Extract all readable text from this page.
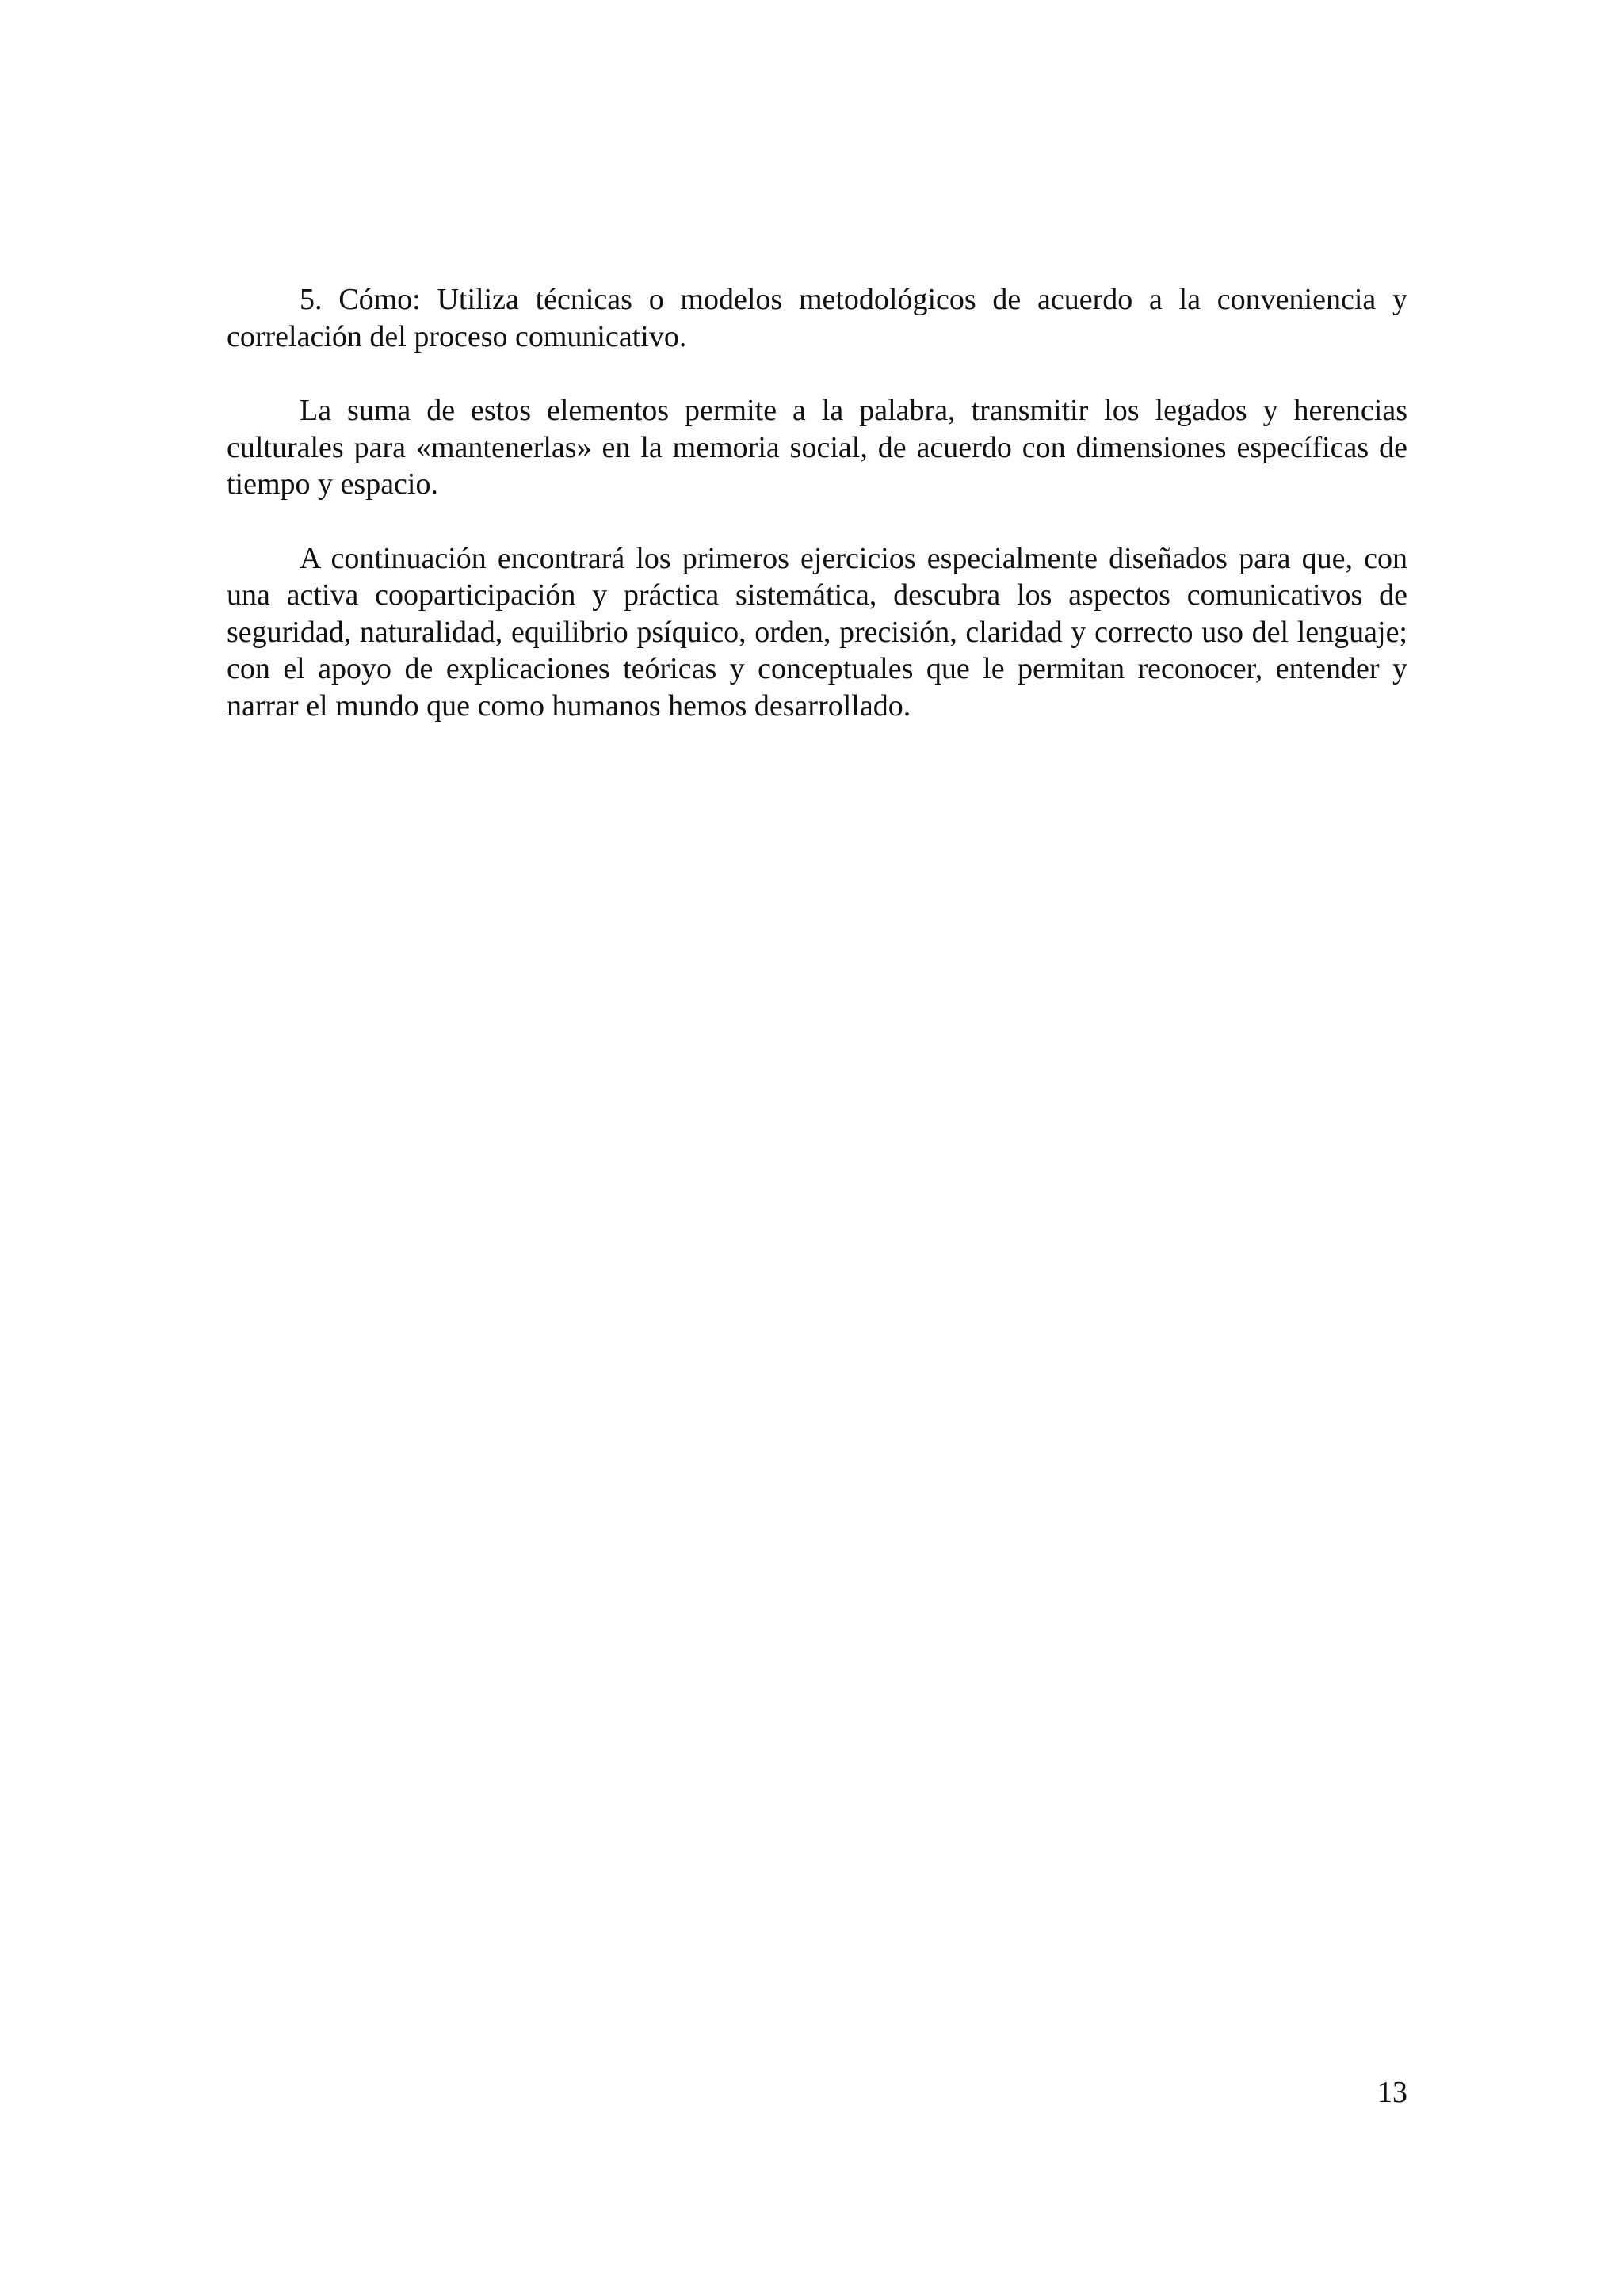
5. Cómo: Utiliza técnicas o modelos metodológicos de acuerdo a la conveniencia y correlación del proceso comunicativo.

La suma de estos elementos permite a la palabra, transmitir los legados y herencias culturales para «mantenerlas» en la memoria social, de acuerdo con dimensiones específicas de tiempo y espacio.

A continuación encontrará los primeros ejercicios especialmente diseñados para que, con una activa cooparticipación y práctica sistemática, descubra los aspectos comunicativos de seguridad, naturalidad, equilibrio psíquico, orden, precisión, claridad y correcto uso del lenguaje; con el apoyo de explicaciones teóricas y conceptuales que le permitan reconocer, entender y narrar el mundo que como humanos hemos desarrollado.

13
